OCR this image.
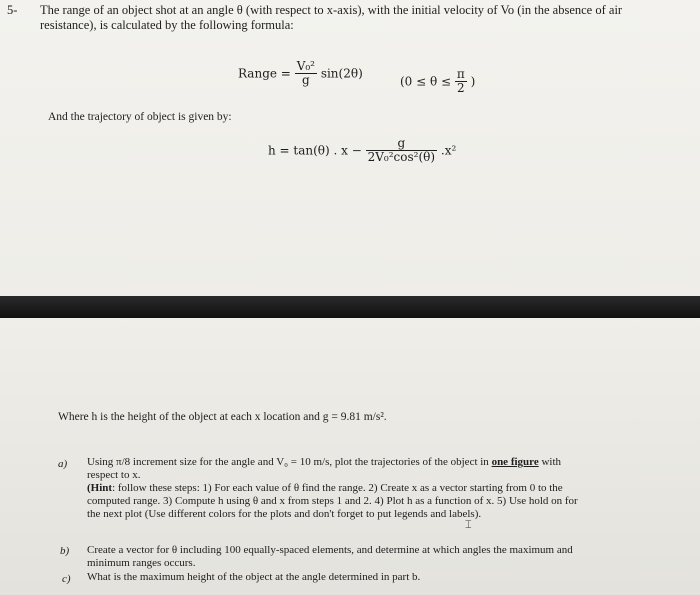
5- The range of an object shot at an angle θ (with respect to x-axis), with the initial velocity of Vo (in the absence of air
resistance), is calculated by the following formula:
Range = $\frac{\text{V₀²}}{g} \sin(2\theta)$
($0 \le \theta \le \frac{\pi}{2}$ )
And the trajectory of object is given by:
h = tan(θ) . $x - \frac{g}{\text{2V₀²cos²(θ)}} .x^2$
Where h is the height of the object at each x location and g = 9.81 m/s².
a) Using π/8 increment size for the angle and V₀ = 10 m/s, plot the trajectories of the object in one figure with
respect to x.
(Hint: follow these steps: 1) For each value of θ find the range. 2) Create x as a vector starting from 0 to the
computed range. 3) Compute h using θ and x from steps 1 and 2. 4) Plot h as a function of x. 5) Use hold on for
the next plot (Use different colors for the plots and don't forget to put legends and labels).
⌶
b) Create a vector for θ including 100 equally-spaced elements, and determine at which angles the maximum and
minimum ranges occurs.
c) What is the maximum height of the object at the angle determined in part b.
